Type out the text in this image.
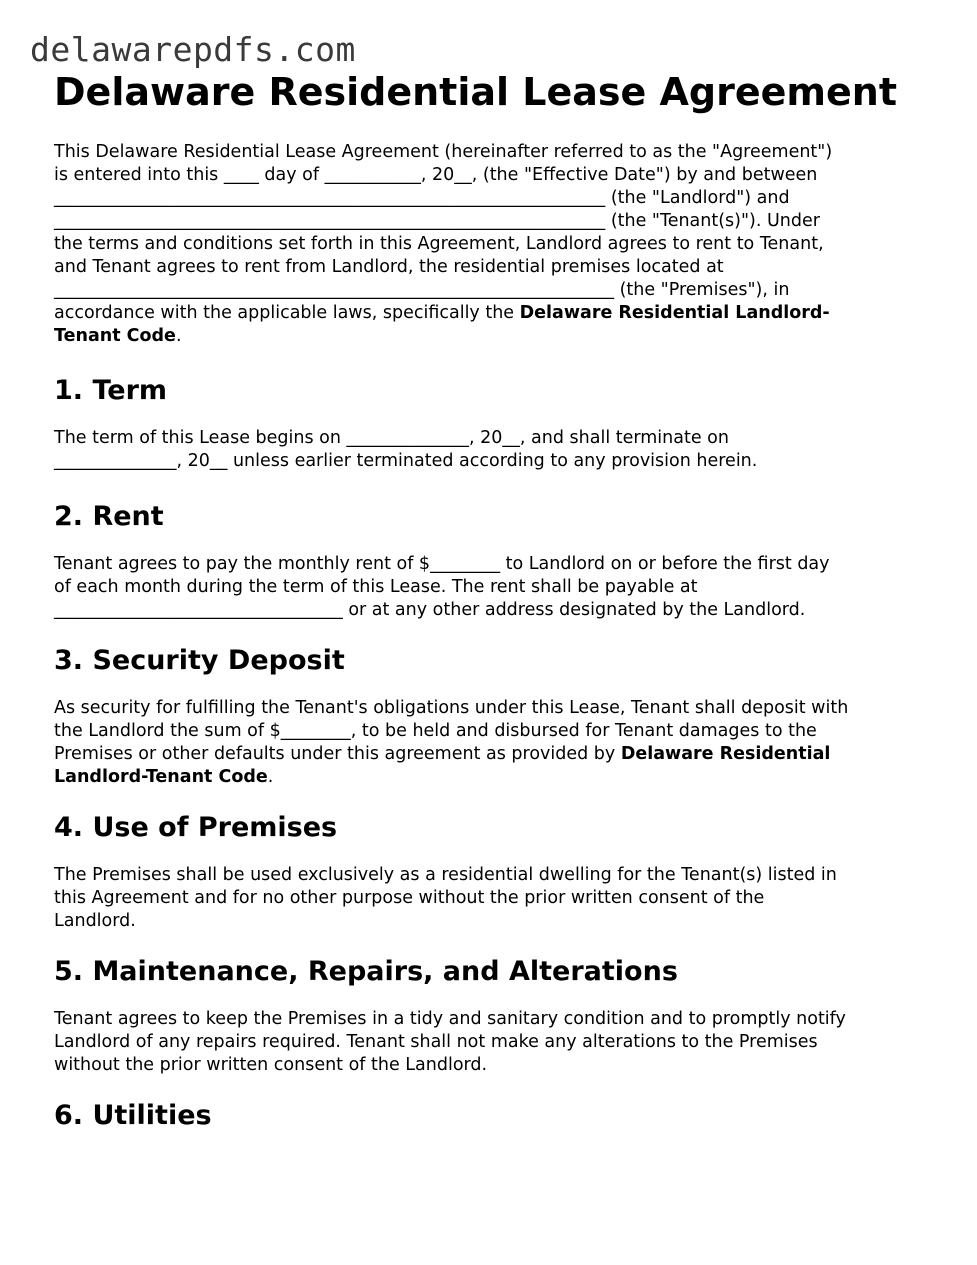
delawarepdfs.com
Delaware Residential Lease Agreement

This Delaware Residential Lease Agreement (hereinafter referred to as the "Agreement")
is entered into this ____ day of ___________, 20__, (the "Effective Date") by and between
_______________________________________________________________ (the "Landlord") and
_______________________________________________________________ (the "Tenant(s)"). Under
the terms and conditions set forth in this Agreement, Landlord agrees to rent to Tenant,
and Tenant agrees to rent from Landlord, the residential premises located at
________________________________________________________________ (the "Premises"), in
accordance with the applicable laws, specifically the Delaware Residential Landlord-
Tenant Code.

1. Term

The term of this Lease begins on ______________, 20__, and shall terminate on
______________, 20__ unless earlier terminated according to any provision herein.

2. Rent

Tenant agrees to pay the monthly rent of $________ to Landlord on or before the first day
of each month during the term of this Lease. The rent shall be payable at
_________________________________ or at any other address designated by the Landlord.

3. Security Deposit

As security for fulfilling the Tenant's obligations under this Lease, Tenant shall deposit with
the Landlord the sum of $________, to be held and disbursed for Tenant damages to the
Premises or other defaults under this agreement as provided by Delaware Residential
Landlord-Tenant Code.

4. Use of Premises

The Premises shall be used exclusively as a residential dwelling for the Tenant(s) listed in
this Agreement and for no other purpose without the prior written consent of the
Landlord.

5. Maintenance, Repairs, and Alterations

Tenant agrees to keep the Premises in a tidy and sanitary condition and to promptly notify
Landlord of any repairs required. Tenant shall not make any alterations to the Premises
without the prior written consent of the Landlord.

6. Utilities
